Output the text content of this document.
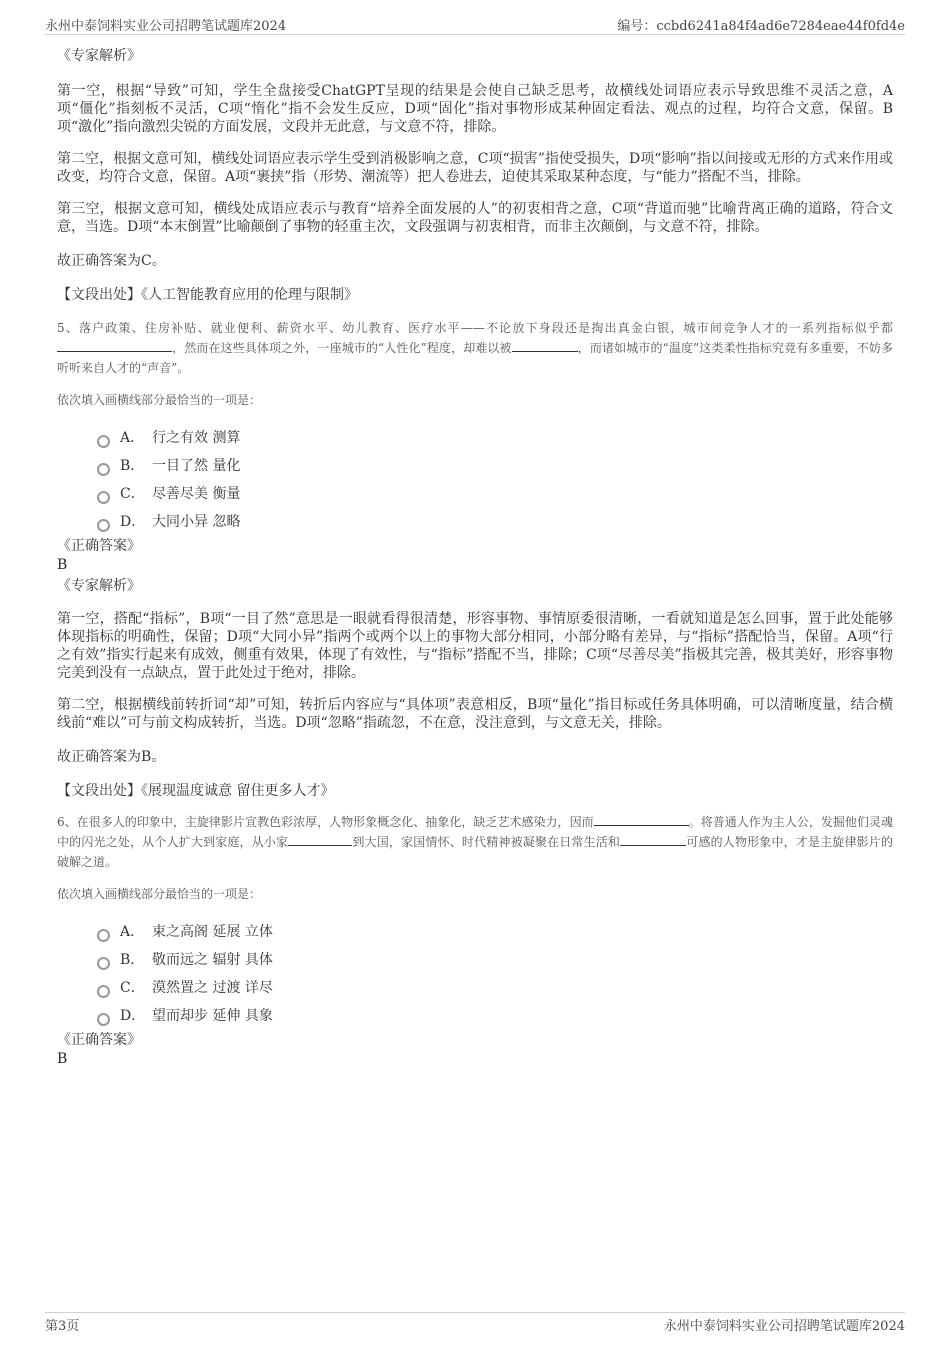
永州中泰饲料实业公司招聘笔试题库2024	编号：ccbd6241a84f4ad6e7284eae44f0fd4e

《专家解析》

第一空，根据“导致”可知，学生全盘接受ChatGPT呈现的结果是会使自己缺乏思考，故横线处词语应表示导致思维不灵活之意，A项“僵化”指刻板不灵活，C项“惰化”指不会发生反应，D项“固化”指对事物形成某种固定看法、观点的过程，均符合文意，保留。B项“激化”指向激烈尖锐的方面发展，文段并无此意，与文意不符，排除。

第二空，根据文意可知，横线处词语应表示学生受到消极影响之意，C项“损害”指使受损失，D项“影响”指以间接或无形的方式来作用或改变，均符合文意，保留。A项“裹挟”指（形势、潮流等）把人卷进去，迫使其采取某种态度，与“能力”搭配不当，排除。

第三空，根据文意可知，横线处成语应表示与教育“培养全面发展的人”的初衷相背之意，C项“背道而驰”比喻背离正确的道路，符合文意，当选。D项“本末倒置”比喻颠倒了事物的轻重主次，文段强调与初衷相背，而非主次颠倒，与文意不符，排除。

故正确答案为C。

【文段出处】《人工智能教育应用的伦理与限制》

5、落户政策、住房补贴、就业便利、薪资水平、幼儿教育、医疗水平——不论放下身段还是掏出真金白银，城市间竞争人才的一系列指标似乎都，然而在这些具体项之外，一座城市的“人性化”程度，却难以被	，而诸如城市的“温度”这类柔性指标究竟有多重要，不妨多听听来自人才的“声音”。

依次填入画横线部分最恰当的一项是：

A． 行之有效 测算
B． 一目了然 量化
C． 尽善尽美 衡量
D． 大同小异 忽略

《正确答案》

B

《专家解析》

第一空，搭配“指标”，B项“一目了然”意思是一眼就看得很清楚，形容事物、事情原委很清晰，一看就知道是怎么回事，置于此处能够体现指标的明确性，保留；D项“大同小异”指两个或两个以上的事物大部分相同，小部分略有差异，与“指标”搭配恰当，保留。A项“行之有效”指实行起来有成效，侧重有效果，体现了有效性，与“指标”搭配不当，排除；C项“尽善尽美”指极其完善，极其美好，形容事物完美到没有一点缺点，置于此处过于绝对，排除。

第二空，根据横线前转折词“却”可知，转折后内容应与“具体项”表意相反，B项“量化”指目标或任务具体明确，可以清晰度量，结合横线前“难以”可与前文构成转折，当选。D项“忽略”指疏忽，不在意，没注意到，与文意无关，排除。

故正确答案为B。

【文段出处】《展现温度诚意 留住更多人才》

6、在很多人的印象中，主旋律影片宣教色彩浓厚，人物形象概念化、抽象化，缺乏艺术感染力，因而	。将普通人作为主人公，发掘他们灵魂中的闪光之处，从个人扩大到家庭，从小家	到大国，家国情怀、时代精神被凝聚在日常生活和	可感的人物形象中，才是主旋律影片的破解之道。

依次填入画横线部分最恰当的一项是：

A． 束之高阁 延展 立体
B． 敬而远之 辐射 具体
C． 漠然置之 过渡 详尽
D． 望而却步 延伸 具象

《正确答案》

B

第3页	永州中泰饲料实业公司招聘笔试题库2024
